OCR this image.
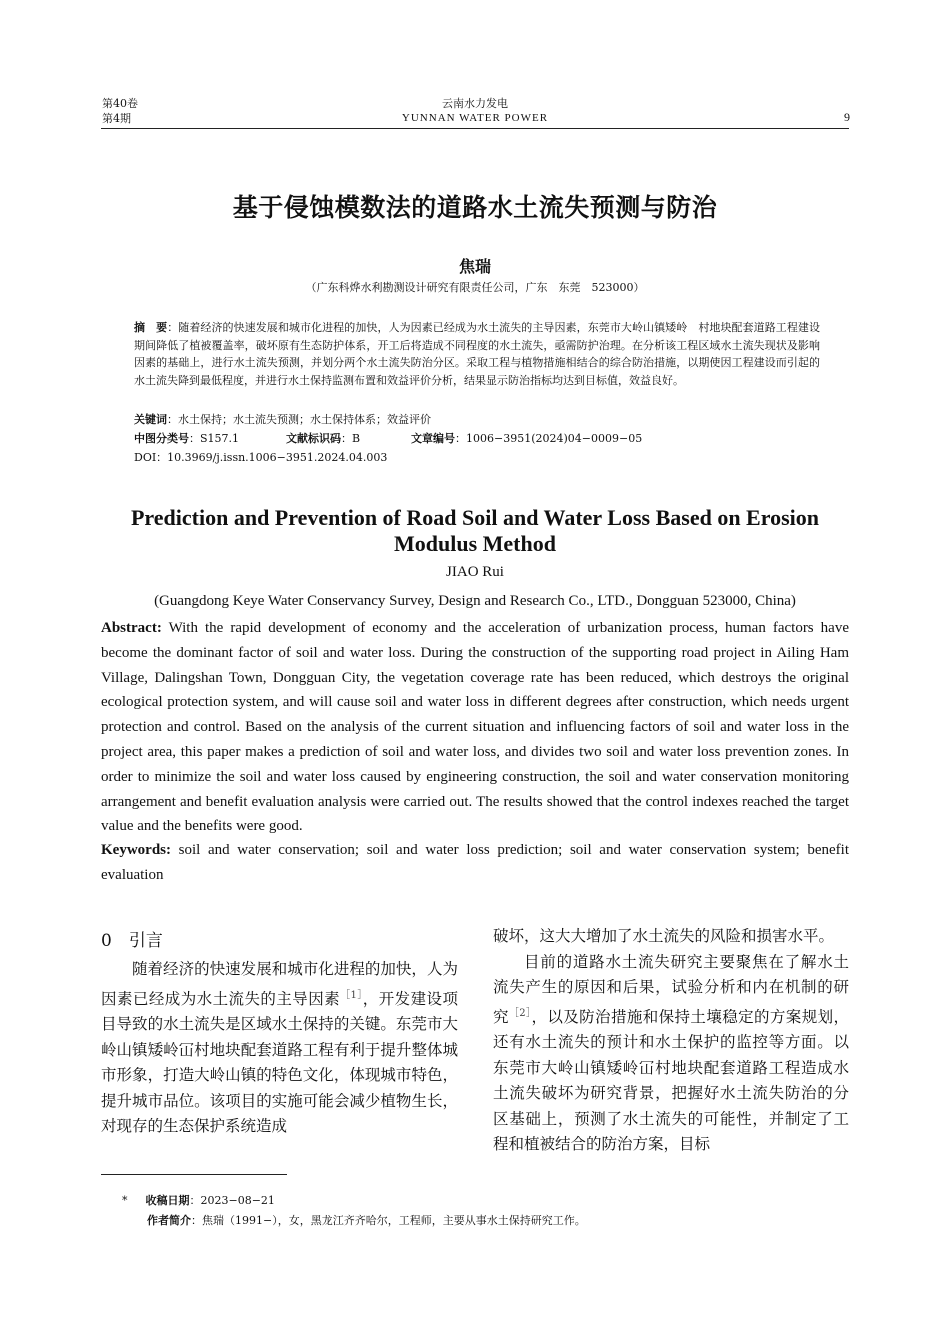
第40卷
第4期
云南水力发电
YUNNAN WATER POWER	9
基于侵蚀模数法的道路水土流失预测与防治
焦瑞
（广东科烨水利勘测设计研究有限责任公司，广东　东莞　523000）
摘　要：随着经济的快速发展和城市化进程的加快，人为因素已经成为水土流失的主导因素，东莞市大岭山镇矮岭　村地块配套道路工程建设期间降低了植被覆盖率，破坏原有生态防护体系，开工后将造成不同程度的水土流失，亟需防护治理。在分析该工程区域水土流失现状及影响因素的基础上，进行水土流失预测，并划分两个水土流失防治分区。采取工程与植物措施相结合的综合防治措施，以期使因工程建设而引起的水土流失降到最低程度，并进行水土保持监测布置和效益评价分析，结果显示防治指标均达到目标值，效益良好。
关键词：水土保持；水土流失预测；水土保持体系；效益评价
中图分类号：S157.1	文献标识码：B	文章编号：1006−3951(2024)04−0009−05
DOI：10.3969/j.issn.1006−3951.2024.04.003
Prediction and Prevention of Road Soil and Water Loss Based on Erosion
Modulus Method
JIAO Rui
(Guangdong Keye Water Conservancy Survey, Design and Research Co., LTD., Dongguan 523000, China)
Abstract: With the rapid development of economy and the acceleration of urbanization process, human factors have become the dominant factor of soil and water loss. During the construction of the supporting road project in Ailing Ham Village, Dalingshan Town, Dongguan City, the vegetation coverage rate has been reduced, which destroys the original ecological protection system, and will cause soil and water loss in different degrees after construction, which needs urgent protection and control. Based on the analysis of the current situation and influencing factors of soil and water loss in the project area, this paper makes a prediction of soil and water loss, and divides two soil and water loss prevention zones. In order to minimize the soil and water loss caused by engineering construction, the soil and water conservation monitoring arrangement and benefit evaluation analysis were carried out. The results showed that the control indexes reached the target value and the benefits were good.
Keywords: soil and water conservation; soil and water loss prediction; soil and water conservation system; benefit evaluation
0　引言

随着经济的快速发展和城市化进程的加快，人为因素已经成为水土流失的主导因素$^{[1]}$，开发建设项目导致的水土流失是区域水土保持的关键。东莞市大岭山镇矮岭冚村地块配套道路工程有利于提升整体城市形象，打造大岭山镇的特色文化，体现城市特色，提升城市品位。该项目的实施可能会减少植物生长，对现存的生态保护系统造成

破坏，这大大增加了水土流失的风险和损害水平。

目前的道路水土流失研究主要聚焦在了解水土流失产生的原因和后果，试验分析和内在机制的研究$^{[2]}$，以及防治措施和保持土壤稳定的方案规划，还有水土流失的预计和水土保护的监控等方面。以东莞市大岭山镇矮岭冚村地块配套道路工程造成水土流失破坏为研究背景，把握好水土流失防治的分区基础上，预测了水土流失的可能性，并制定了工程和植被结合的防治方案，目标

* 收稿日期：2023−08−21
作者简介：焦瑞（1991−），女，黑龙江齐齐哈尔，工程师，主要从事水土保持研究工作。
